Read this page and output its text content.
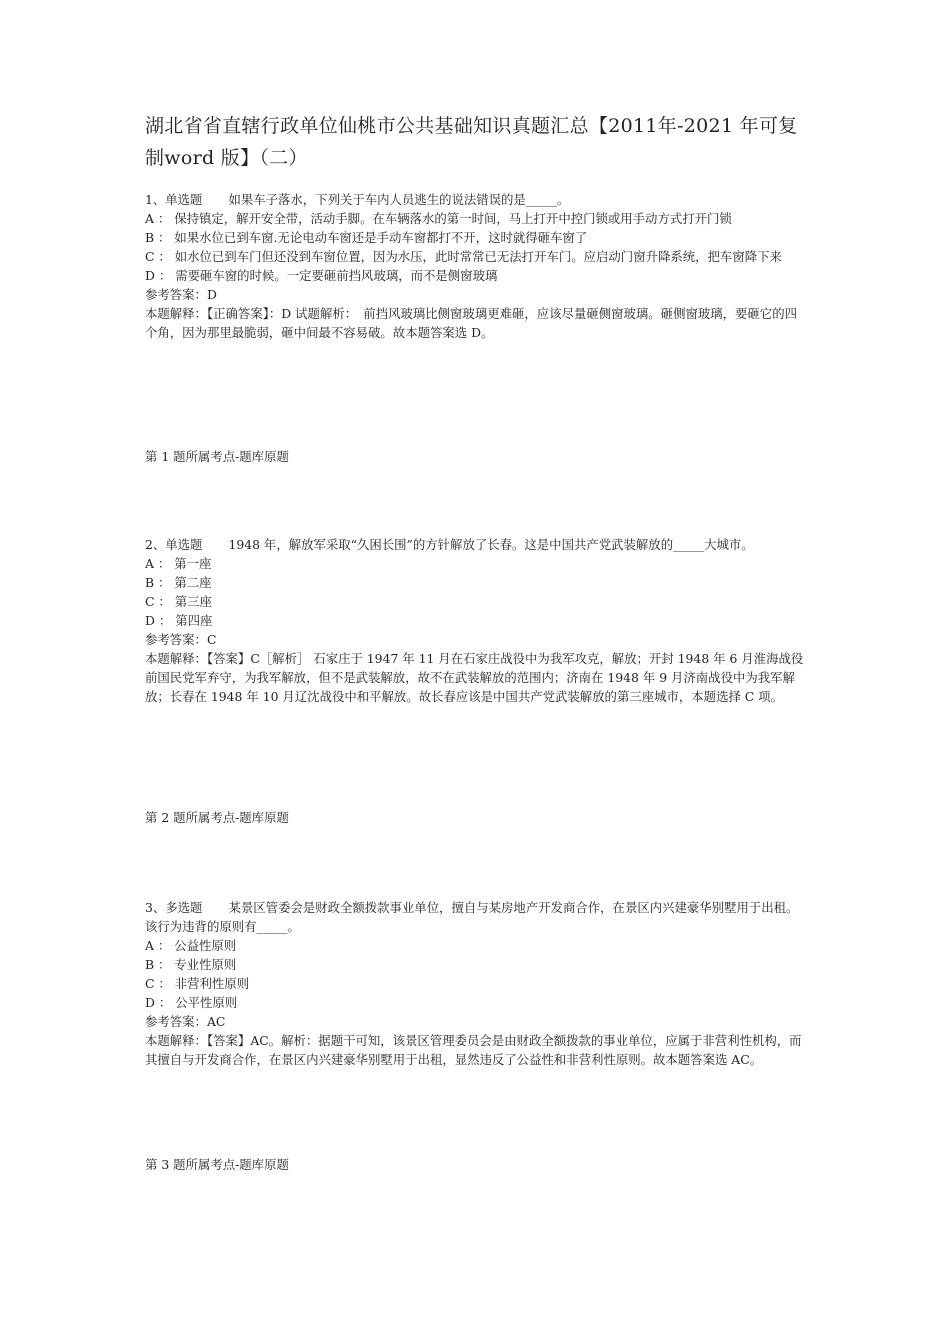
湖北省省直辖行政单位仙桃市公共基础知识真题汇总【2011年-2021 年可复制word 版】（二）
1、单选题 如果车子落水，下列关于车内人员逃生的说法错误的是_____。
A ： 保持镇定，解开安全带，活动手脚。在车辆落水的第一时间，马上打开中控门锁或用手动方式打开门锁
B ： 如果水位已到车窗.无论电动车窗还是手动车窗都打不开，这时就得砸车窗了
C ： 如水位已到车门但还没到车窗位置，因为水压，此时常常已无法打开车门。应启动门窗升降系统，把车窗降下来
D ： 需要砸车窗的时候。一定要砸前挡风玻璃，而不是侧窗玻璃
参考答案：D
本题解释：【正确答案】：D 试题解析：　前挡风玻璃比侧窗玻璃更难砸，应该尽量砸侧窗玻璃。砸侧窗玻璃，要砸它的四个角，因为那里最脆弱，砸中间最不容易破。故本题答案选 D。
第 1 题所属考点-题库原题
2、单选题 1948 年，解放军采取“久困长围”的方针解放了长春。这是中国共产党武装解放的_____大城市。
A ： 第一座
B ： 第二座
C ： 第三座
D ： 第四座
参考答案：C
本题解释：【答案】C［解析］ 石家庄于 1947 年 11 月在石家庄战役中为我军攻克，解放；开封 1948 年 6 月淮海战役前国民党军弃守，为我军解放，但不是武装解放，故不在武装解放的范围内；济南在 1948 年 9 月济南战役中为我军解放；长春在 1948 年 10 月辽沈战役中和平解放。故长春应该是中国共产党武装解放的第三座城市，本题选择 C 项。
第 2 题所属考点-题库原题
3、多选题 某景区管委会是财政全额拨款事业单位，擅自与某房地产开发商合作，在景区内兴建豪华别墅用于出租。该行为违背的原则有_____。
A ： 公益性原则
B ： 专业性原则
C ： 非营利性原则
D ： 公平性原则
参考答案：AC
本题解释：【答案】AC。解析：据题干可知，该景区管理委员会是由财政全额拨款的事业单位，应属于非营利性机构，而其擅自与开发商合作，在景区内兴建豪华别墅用于出租，显然违反了公益性和非营利性原则。故本题答案选 AC。
第 3 题所属考点-题库原题
